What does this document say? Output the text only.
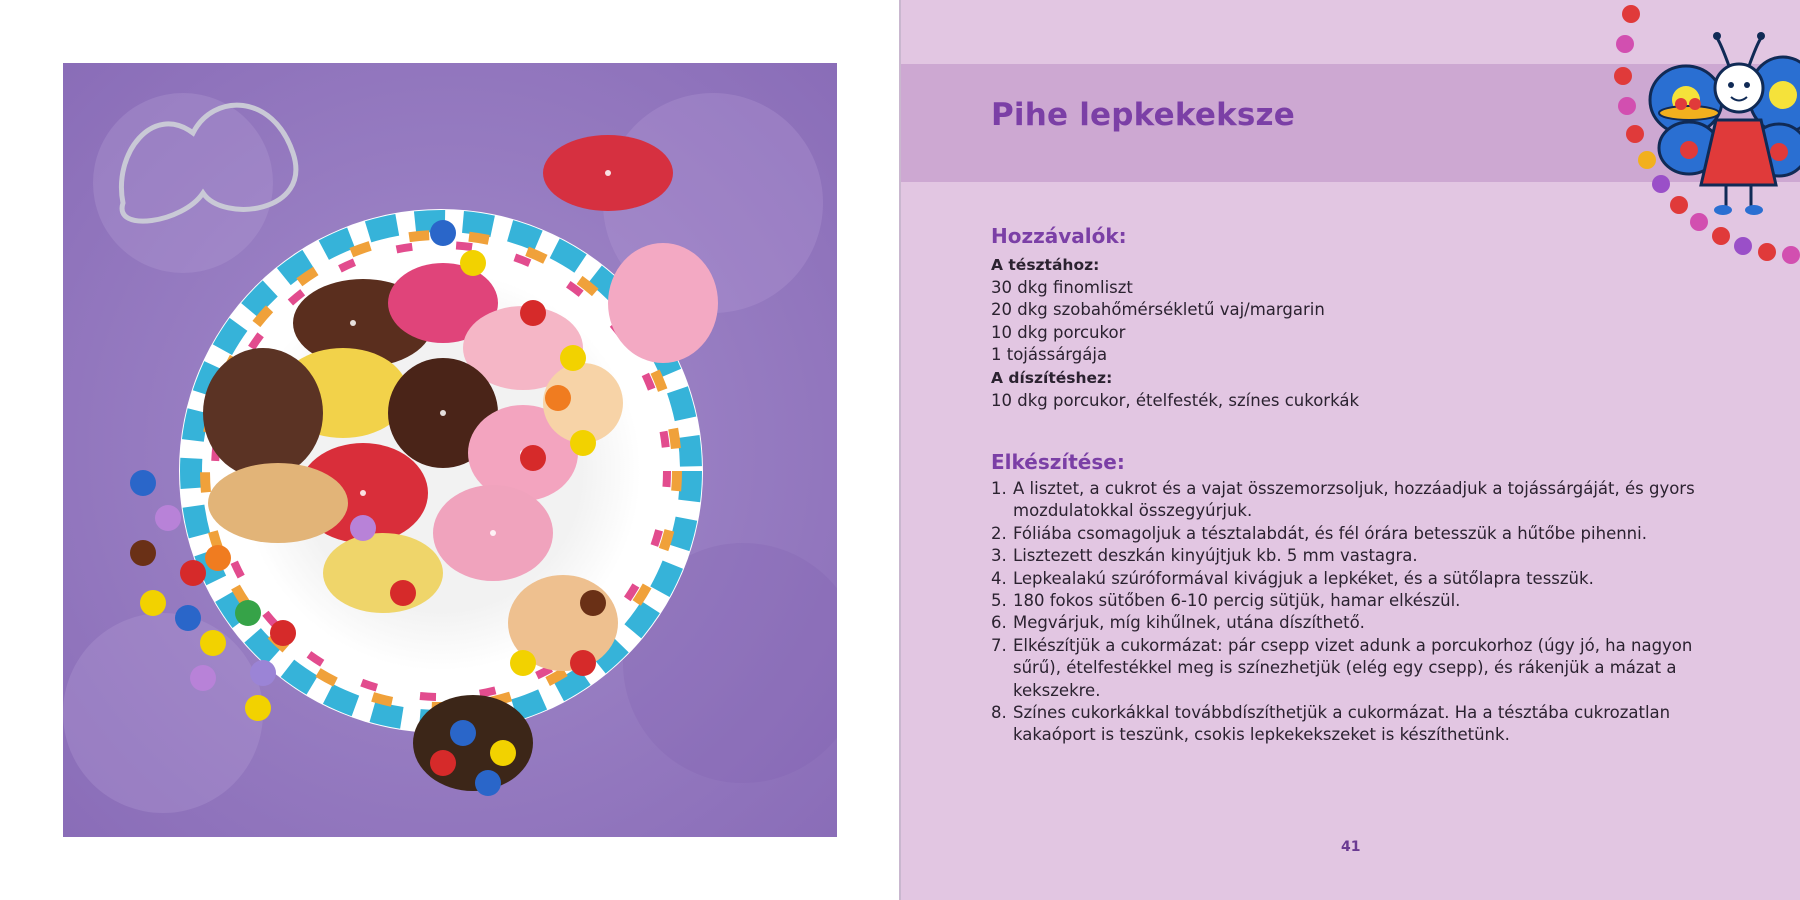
Pihe lepkekeksze
Hozzávalók:
A tésztához:
30 dkg finomliszt
20 dkg szobahőmérsékletű vaj/margarin
10 dkg porcukor
1 tojássárgája
A díszítéshez:
10 dkg porcukor, ételfesték, színes cukorkák
Elkészítése:
1. A lisztet, a cukrot és a vajat összemorzsoljuk, hozzáadjuk a tojássárgáját, és gyors mozdulatokkal összegyúrjuk.
2. Fóliába csomagoljuk a tésztalabdát, és fél órára betesszük a hűtőbe pihenni.
3. Lisztezett deszkán kinyújtjuk kb. 5 mm vastagra.
4. Lepkealakú szúróformával kivágjuk a lepkéket, és a sütőlapra tesszük.
5. 180 fokos sütőben 6-10 percig sütjük, hamar elkészül.
6. Megvárjuk, míg kihűlnek, utána díszíthető.
7. Elkészítjük a cukormázat: pár csepp vizet adunk a porcukorhoz (úgy jó, ha nagyon sűrű), ételfestékkel meg is színezhetjük (elég egy csepp), és rákenjük a mázat a kekszekre.
8. Színes cukorkákkal továbbdíszíthetjük a cukormázat. Ha a tésztába cukrozatlan kakaóport is teszünk, csokis lepkekekszeket is készíthetünk.
41
